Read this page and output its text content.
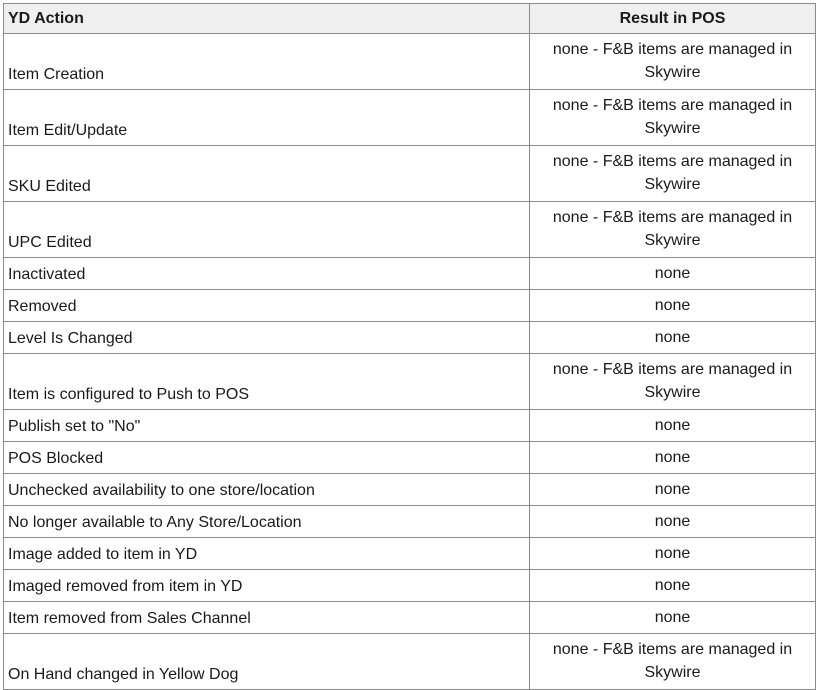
YD Action	Result in POS
Item Creation	none - F&B items are managed in Skywire
Item Edit/Update	none - F&B items are managed in Skywire
SKU Edited	none - F&B items are managed in Skywire
UPC Edited	none - F&B items are managed in Skywire
Inactivated	none
Removed	none
Level Is Changed	none
Item is configured to Push to POS	none - F&B items are managed in Skywire
Publish set to "No"	none
POS Blocked	none
Unchecked availability to one store/location	none
No longer available to Any Store/Location	none
Image added to item in YD	none
Imaged removed from item in YD	none
Item removed from Sales Channel	none
On Hand changed in Yellow Dog	none - F&B items are managed in Skywire
